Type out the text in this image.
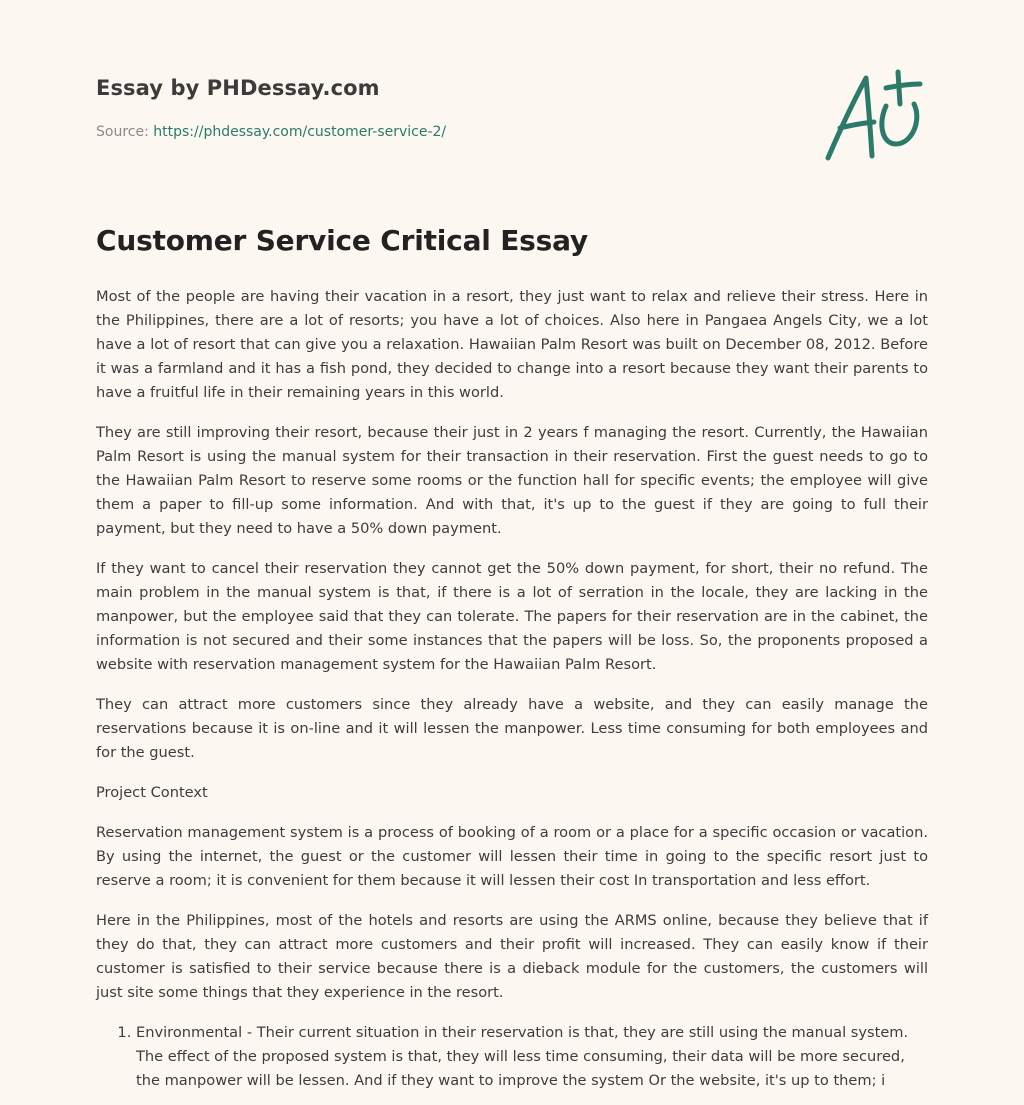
Essay by PHDessay.com
Source: https://phdessay.com/customer-service-2/
Customer Service Critical Essay

Most of the people are having their vacation in a resort, they just want to relax and relieve their stress. Here in the Philippines, there are a lot of resorts; you have a lot of choices. Also here in Pangaea Angels City, we a lot have a lot of resort that can give you a relaxation. Hawaiian Palm Resort was built on December 08, 2012. Before it was a farmland and it has a fish pond, they decided to change into a resort because they want their parents to have a fruitful life in their remaining years in this world.

They are still improving their resort, because their just in 2 years f managing the resort. Currently, the Hawaiian Palm Resort is using the manual system for their transaction in their reservation. First the guest needs to go to the Hawaiian Palm Resort to reserve some rooms or the function hall for specific events; the employee will give them a paper to fill-up some information. And with that, it's up to the guest if they are going to full their payment, but they need to have a 50% down payment.

If they want to cancel their reservation they cannot get the 50% down payment, for short, their no refund. The main problem in the manual system is that, if there is a lot of serration in the locale, they are lacking in the manpower, but the employee said that they can tolerate. The papers for their reservation are in the cabinet, the information is not secured and their some instances that the papers will be loss. So, the proponents proposed a website with reservation management system for the Hawaiian Palm Resort.

They can attract more customers since they already have a website, and they can easily manage the reservations because it is on-line and it will lessen the manpower. Less time consuming for both employees and for the guest.

Project Context

Reservation management system is a process of booking of a room or a place for a specific occasion or vacation. By using the internet, the guest or the customer will lessen their time in going to the specific resort just to reserve a room; it is convenient for them because it will lessen their cost In transportation and less effort.

Here in the Philippines, most of the hotels and resorts are using the ARMS online, because they believe that if they do that, they can attract more customers and their profit will increased. They can easily know if their customer is satisfied to their service because there is a dieback module for the customers, the customers will just site some things that they experience in the resort.

1. Environmental - Their current situation in their reservation is that, they are still using the manual system. The effect of the proposed system is that, they will less time consuming, their data will be more secured, the manpower will be lessen. And if they want to improve the system Or the website, it's up to them; i
